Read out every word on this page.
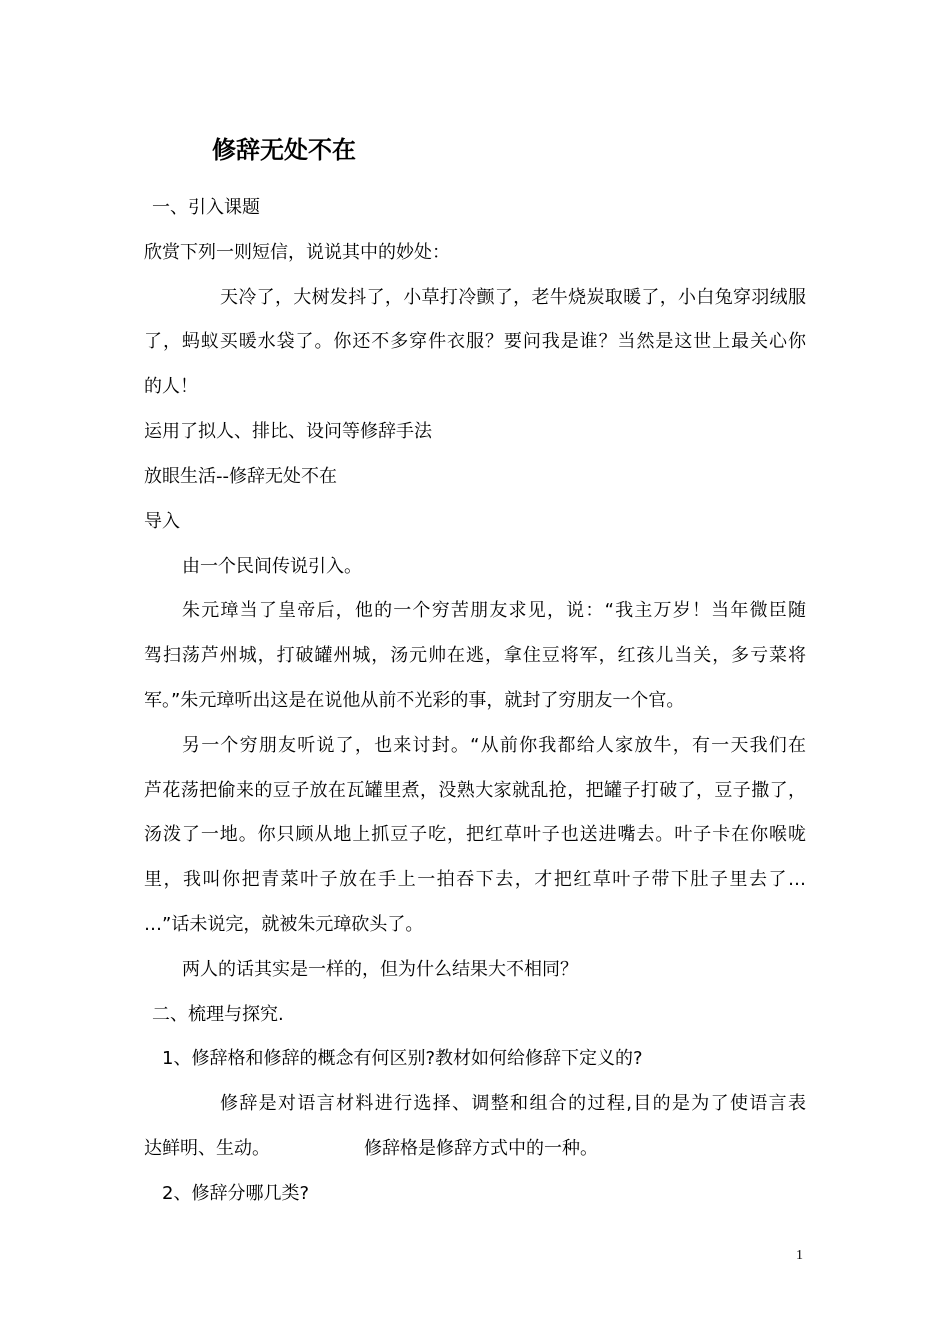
修辞无处不在
一、引入课题
欣赏下列一则短信，说说其中的妙处：
天冷了，大树发抖了，小草打冷颤了，老牛烧炭取暖了，小白兔穿羽绒服
了，蚂蚁买暖水袋了。你还不多穿件衣服？要问我是谁？当然是这世上最关心你
的人！
运用了拟人、排比、设问等修辞手法
放眼生活--修辞无处不在
导入
由一个民间传说引入。
朱元璋当了皇帝后，他的一个穷苦朋友求见，说：“我主万岁！当年微臣随
驾扫荡芦州城，打破罐州城，汤元帅在逃，拿住豆将军，红孩儿当关，多亏菜将
军。”朱元璋听出这是在说他从前不光彩的事，就封了穷朋友一个官。
另一个穷朋友听说了，也来讨封。“从前你我都给人家放牛，有一天我们在
芦花荡把偷来的豆子放在瓦罐里煮，没熟大家就乱抢，把罐子打破了，豆子撒了，
汤泼了一地。你只顾从地上抓豆子吃，把红草叶子也送进嘴去。叶子卡在你喉咙
里，我叫你把青菜叶子放在手上一拍吞下去，才把红草叶子带下肚子里去了…
…”话未说完，就被朱元璋砍头了。
两人的话其实是一样的，但为什么结果大不相同？
二、梳理与探究.
1、修辞格和修辞的概念有何区别?教材如何给修辞下定义的?
修辞是对语言材料进行选择、调整和组合的过程,目的是为了使语言表
达鲜明、生动。	修辞格是修辞方式中的一种。
2、修辞分哪几类?
1
